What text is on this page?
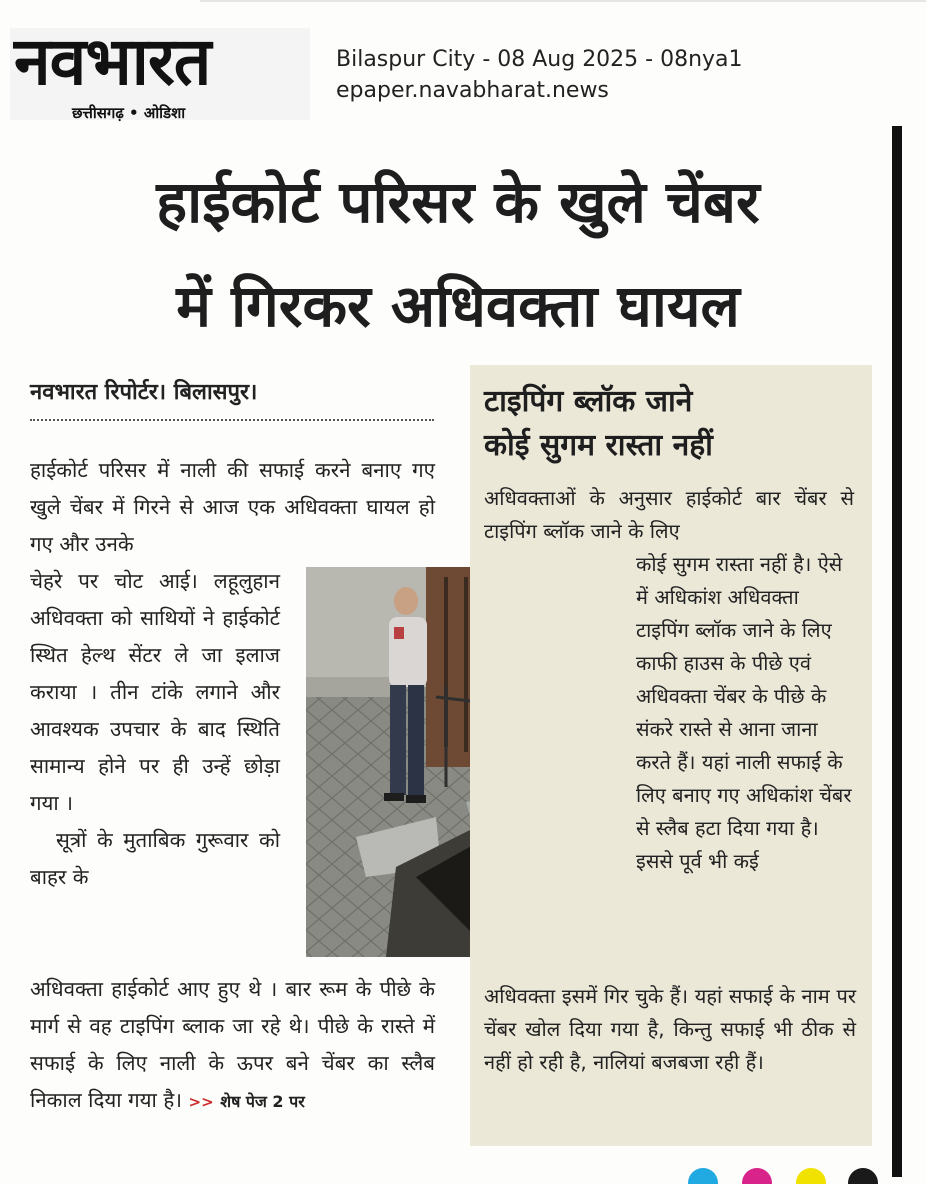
नवभारत
छत्तीसगढ़ • ओडिशा
Bilaspur City - 08 Aug 2025 - 08nya1
epaper.navabharat.news
हाईकोर्ट परिसर के खुले चेंबर
में गिरकर अधिवक्ता घायल
नवभारत रिपोर्टर। बिलासपुर।
हाईकोर्ट परिसर में नाली की सफाई करने बनाए गए खुले चेंबर में गिरने से आज एक अधिवक्ता घायल हो गए और उनके

चेहरे पर चोट आई। लहूलुहान अधिवक्ता को साथियों ने हाईकोर्ट स्थित हेल्थ सेंटर ले जा इलाज कराया । तीन टांके लगाने और आवश्यक उपचार के बाद स्थिति सामान्य होने पर ही उन्हें छोड़ा गया ।

सूत्रों के मुताबिक गुरूवार को बाहर के

अधिवक्ता हाईकोर्ट आए हुए थे । बार रूम के पीछे के मार्ग से वह टाइपिंग ब्लाक जा रहे थे। पीछे के रास्ते में सफाई के लिए नाली के ऊपर बने चेंबर का स्लैब निकाल दिया गया है। >> शेष पेज 2 पर
टाइपिंग ब्लॉक जाने
कोई सुगम रास्ता नहीं
अधिवक्ताओं के अनुसार हाईकोर्ट बार चेंबर से टाइपिंग ब्लॉक जाने के लिए
कोई सुगम रास्ता नहीं है। ऐसे में अधिकांश अधिवक्ता टाइपिंग ब्लॉक जाने के लिए काफी हाउस के पीछे एवं अधिवक्ता चेंबर के पीछे के संकरे रास्ते से आना जाना करते हैं। यहां नाली सफाई के लिए बनाए गए अधिकांश चेंबर से स्लैब हटा दिया गया है। इससे पूर्व भी कई
अधिवक्ता इसमें गिर चुके हैं। यहां सफाई के नाम पर चेंबर खोल दिया गया है, किन्तु सफाई भी ठीक से नहीं हो रही है, नालियां बजबजा रही हैं।
